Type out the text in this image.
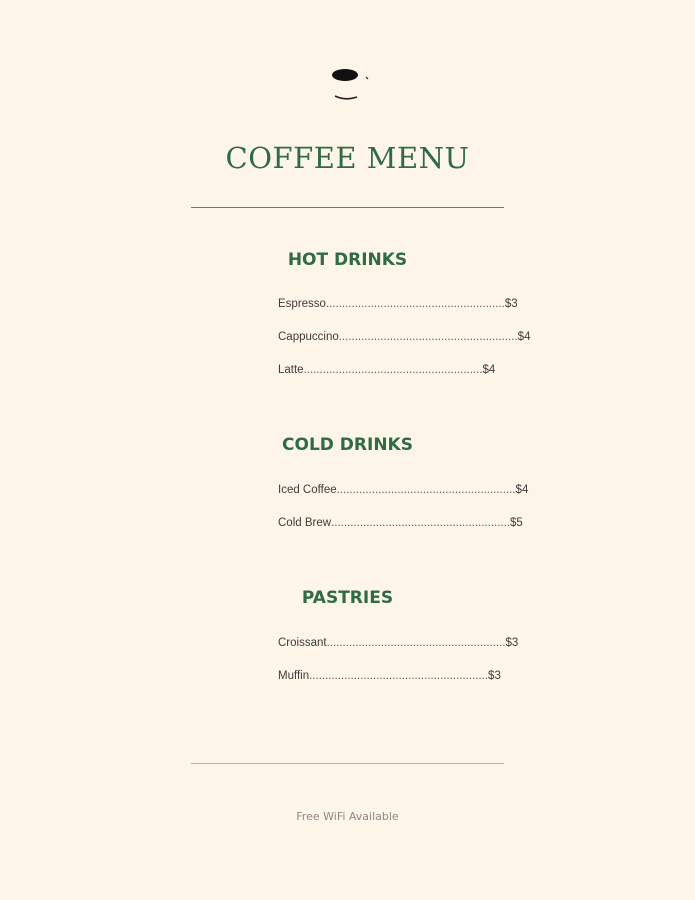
COFFEE MENU
HOT DRINKS
Espresso ........................................................ $3
Cappuccino ........................................................ $4
Latte ........................................................ $4
COLD DRINKS
Iced Coffee ........................................................ $4
Cold Brew ........................................................ $5
PASTRIES
Croissant ........................................................ $3
Muffin ........................................................ $3
Free WiFi Available
